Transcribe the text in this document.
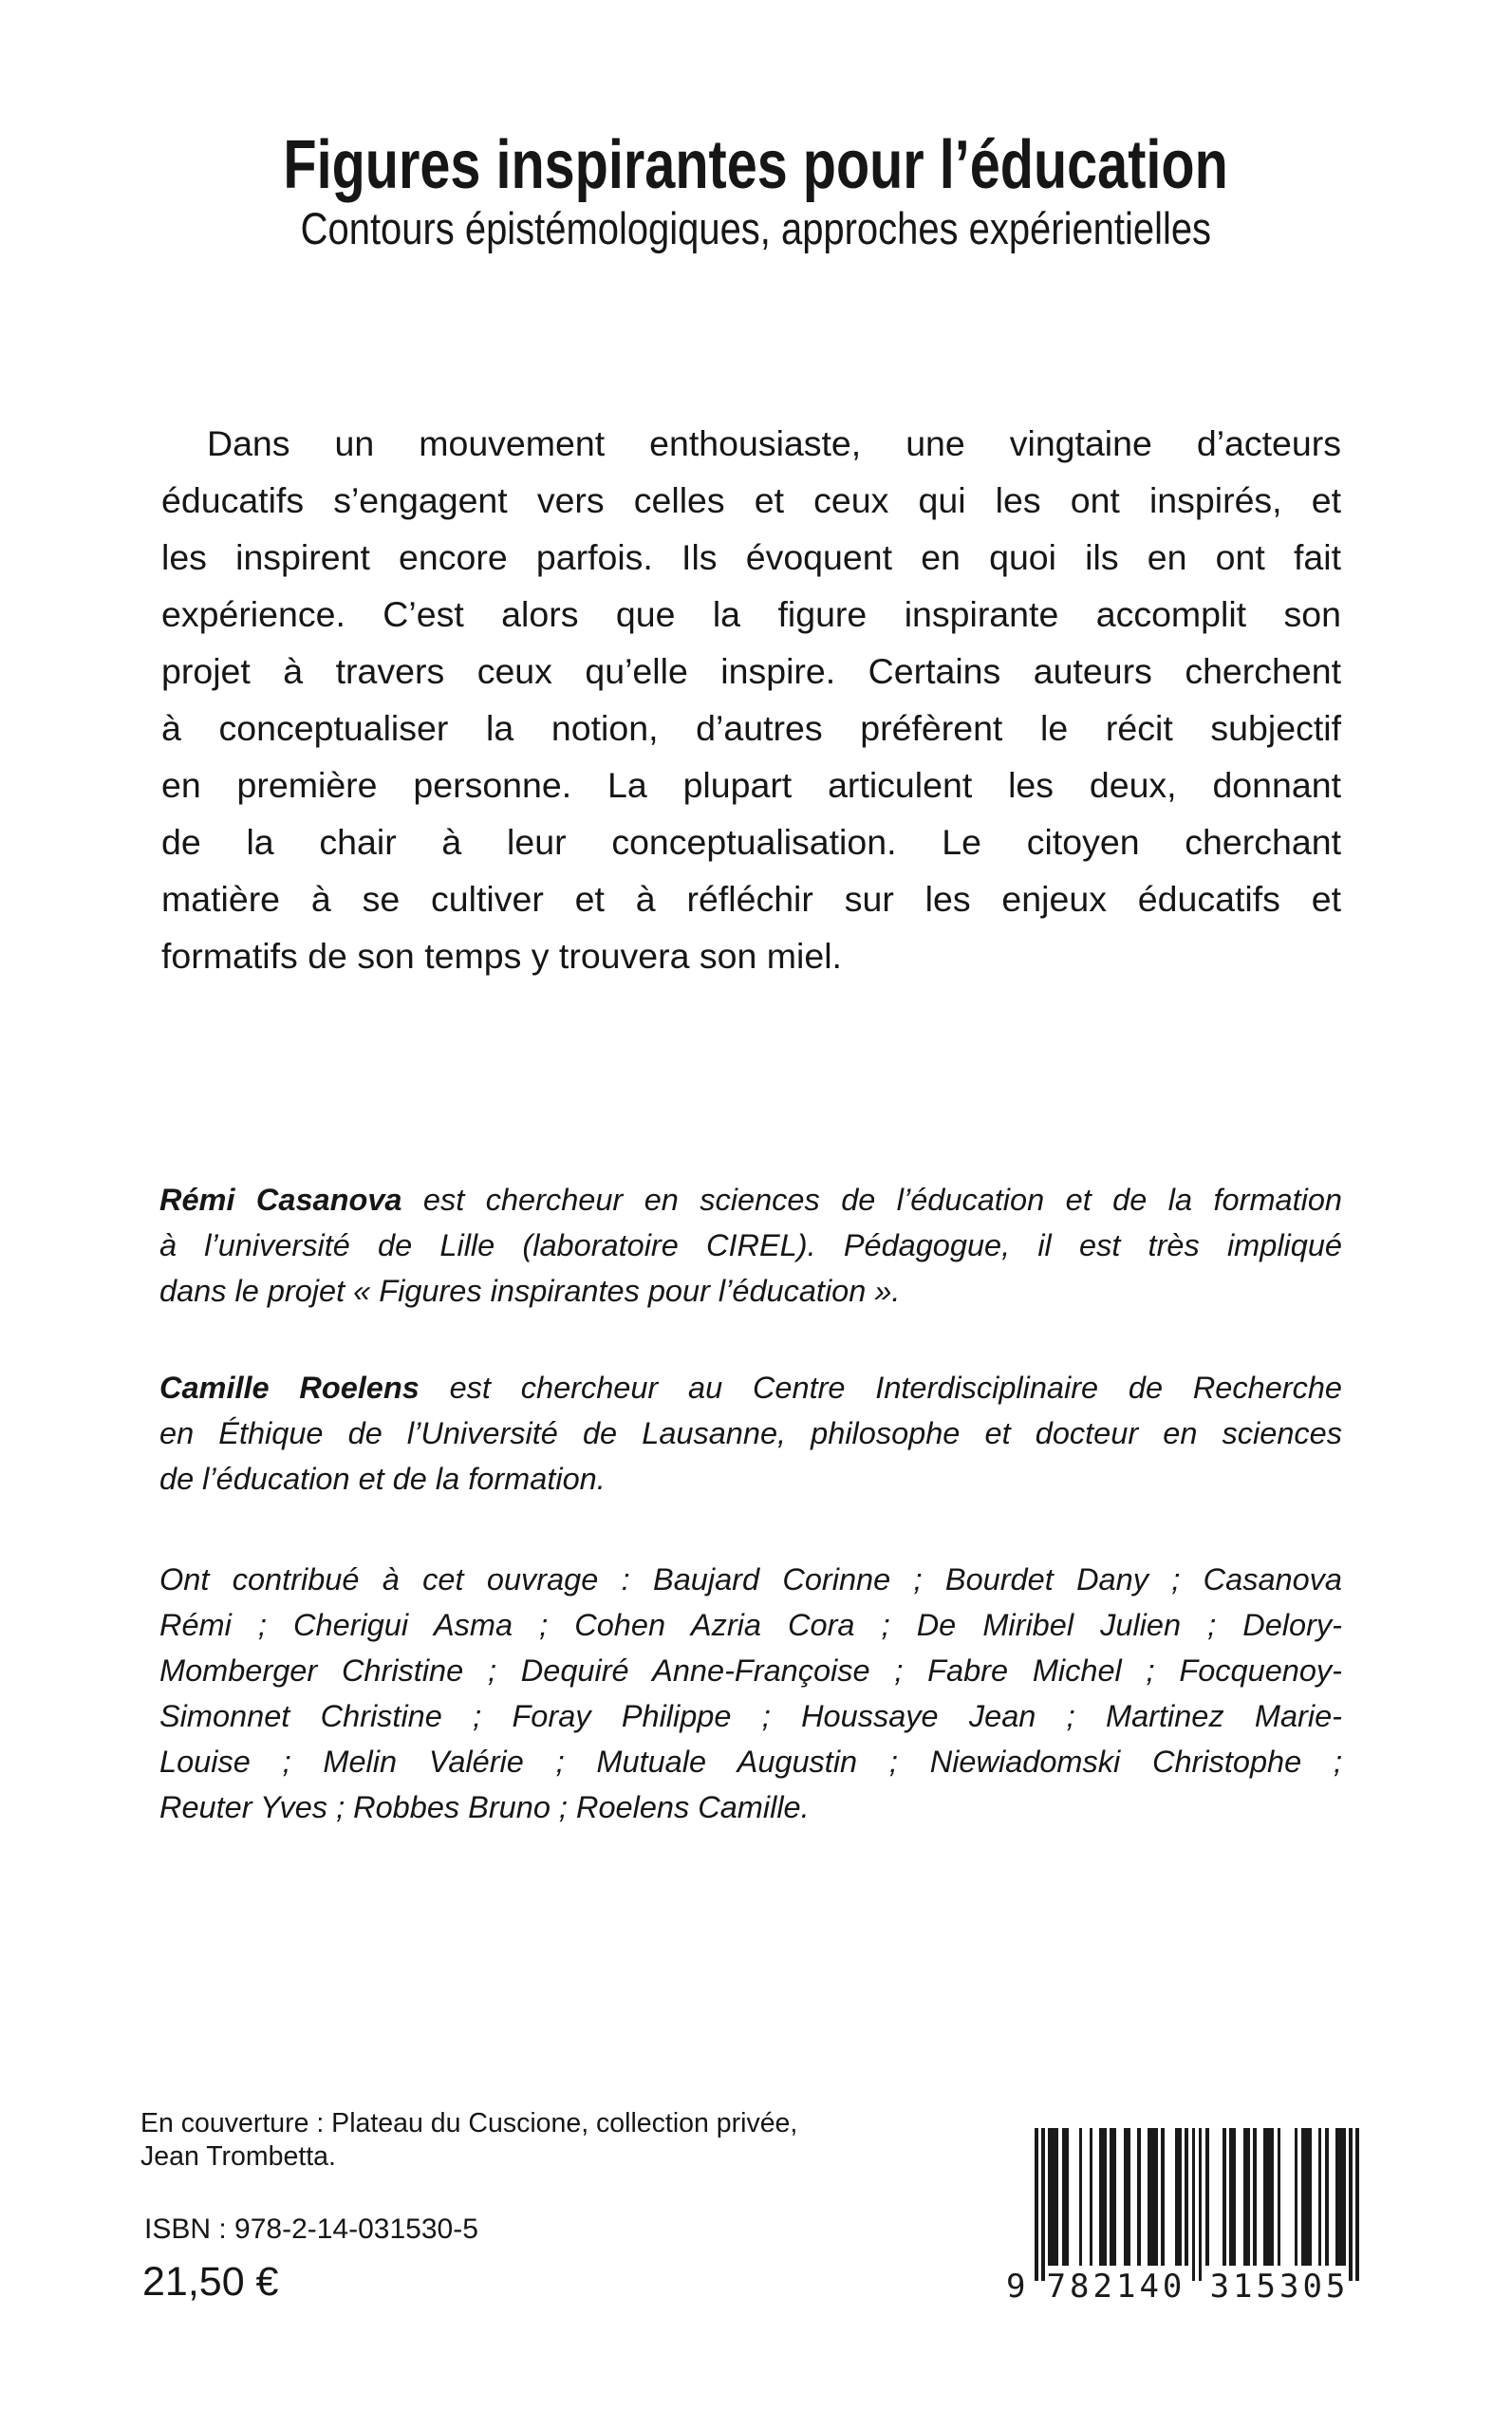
Figures inspirantes pour l’éducation
Contours épistémologiques, approches expérientielles
Dans un mouvement enthousiaste, une vingtaine d’acteurs
éducatifs s’engagent vers celles et ceux qui les ont inspirés, et
les inspirent encore parfois. Ils évoquent en quoi ils en ont fait
expérience. C’est alors que la figure inspirante accomplit son
projet à travers ceux qu’elle inspire. Certains auteurs cherchent
à conceptualiser la notion, d’autres préfèrent le récit subjectif
en première personne. La plupart articulent les deux, donnant
de la chair à leur conceptualisation. Le citoyen cherchant
matière à se cultiver et à réfléchir sur les enjeux éducatifs et
formatifs de son temps y trouvera son miel.
Rémi Casanova est chercheur en sciences de l’éducation et de la formation
à l’université de Lille (laboratoire CIREL). Pédagogue, il est très impliqué
dans le projet « Figures inspirantes pour l’éducation ».
Camille Roelens est chercheur au Centre Interdisciplinaire de Recherche
en Éthique de l’Université de Lausanne, philosophe et docteur en sciences
de l’éducation et de la formation.
Ont contribué à cet ouvrage : Baujard Corinne ; Bourdet Dany ; Casanova
Rémi ; Cherigui Asma ; Cohen Azria Cora ; De Miribel Julien ; Delory-
Momberger Christine ; Dequiré Anne-Françoise ; Fabre Michel ; Focquenoy-
Simonnet Christine ; Foray Philippe ; Houssaye Jean ; Martinez Marie-
Louise ; Melin Valérie ; Mutuale Augustin ; Niewiadomski Christophe ;
Reuter Yves ; Robbes Bruno ; Roelens Camille.
En couverture : Plateau du Cuscione, collection privée,
Jean Trombetta.
ISBN : 978-2-14-031530-5
21,50 €	9 782140 315305
